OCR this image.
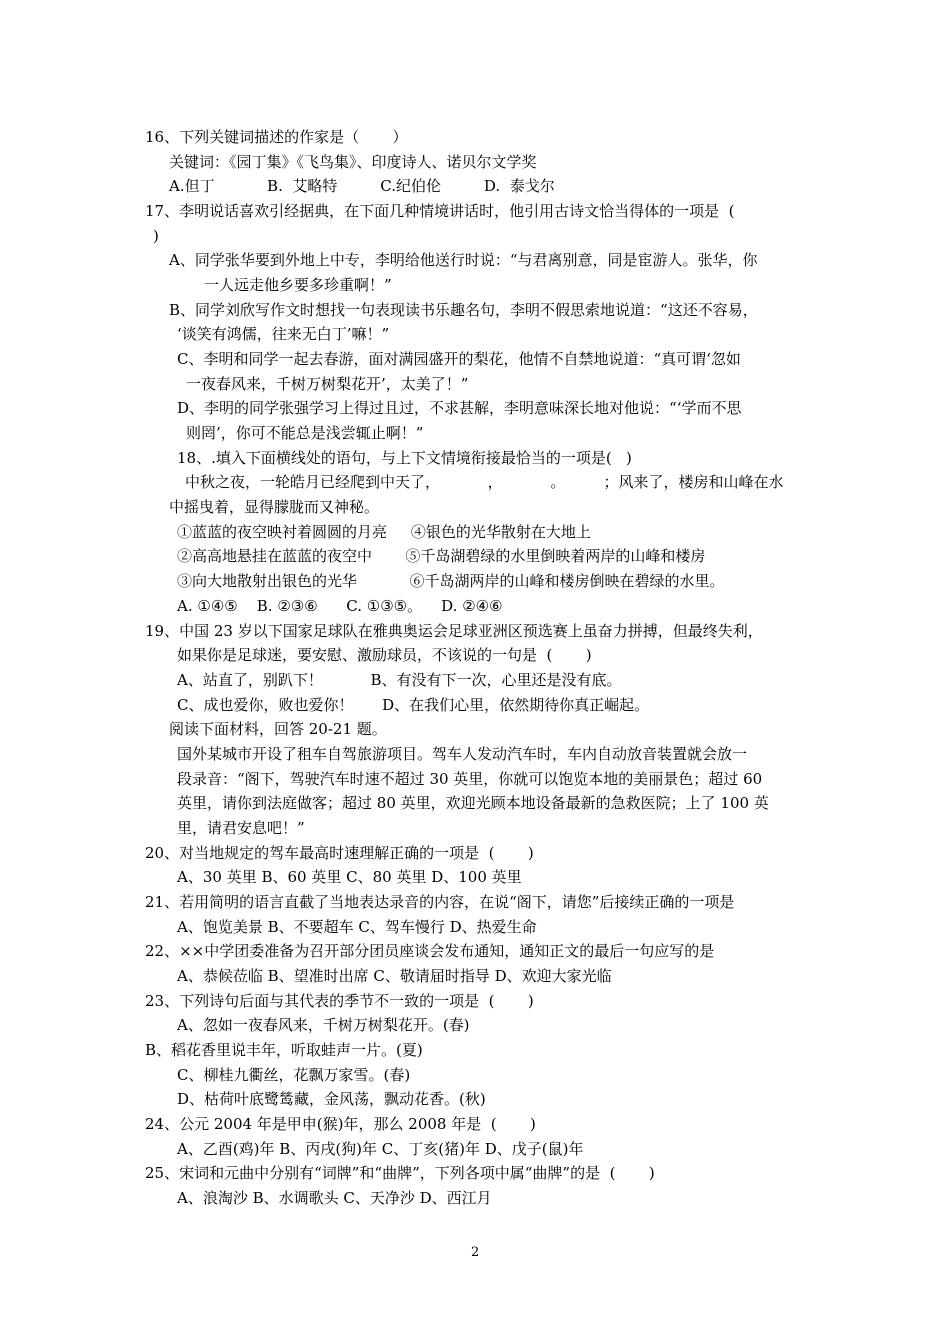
16、下列关键词描述的作家是（       ）
关键词：《园丁集》《飞鸟集》、印度诗人、诺贝尔文学奖
A.但丁           B.  艾略特         C.纪伯伦         D.  泰戈尔
17、李明说话喜欢引经据典，在下面几种情境讲话时，他引用古诗文恰当得体的一项是  (
)
A、同学张华要到外地上中专，李明给他送行时说：“与君离别意，同是宦游人。张华，你
一人远走他乡要多珍重啊！”
B、同学刘欣写作文时想找一句表现读书乐趣名句，李明不假思索地说道：“这还不容易，
‘谈笑有鸿儒，往来无白丁’嘛！”
C、李明和同学一起去春游，面对满园盛开的梨花，他情不自禁地说道：“真可谓‘忽如
一夜春风来，千树万树梨花开’，太美了！”
D、李明的同学张强学习上得过且过，不求甚解，李明意味深长地对他说：“‘学而不思
则罔’，你可不能总是浅尝辄止啊！”
18、.填入下面横线处的语句，与上下文情境衔接最恰当的一项是(   )
中秋之夜，一轮皓月已经爬到中天了，          ，          。        ；风来了，楼房和山峰在水
中摇曳着，显得朦胧而又神秘。
①蓝蓝的夜空映衬着圆圆的月亮     ④银色的光华散射在大地上
②高高地悬挂在蓝蓝的夜空中       ⑤千岛湖碧绿的水里倒映着两岸的山峰和楼房
③向大地散射出银色的光华           ⑥千岛湖两岸的山峰和楼房倒映在碧绿的水里。
A. ①④⑤    B. ②③⑥      C. ①③⑤。    D. ②④⑥
19、中国 23 岁以下国家足球队在雅典奥运会足球亚洲区预选赛上虽奋力拼搏，但最终失利，
如果你是足球迷，要安慰、激励球员，不该说的一句是  (       )
A、站直了，别趴下！          B、有没有下一次，心里还是没有底。
C、成也爱你，败也爱你！      D、在我们心里，依然期待你真正崛起。
阅读下面材料，回答 20-21 题。
国外某城市开设了租车自驾旅游项目。驾车人发动汽车时，车内自动放音装置就会放一
段录音：“阁下，驾驶汽车时速不超过 30 英里，你就可以饱览本地的美丽景色；超过 60
英里，请你到法庭做客；超过 80 英里，欢迎光顾本地设备最新的急救医院；上了 100 英
里，请君安息吧！”
20、对当地规定的驾车最高时速理解正确的一项是  (       )
A、30 英里 B、60 英里 C、80 英里 D、100 英里
21、若用简明的语言直截了当地表达录音的内容，在说“阁下，请您”后接续正确的一项是
A、饱览美景 B、不要超车 C、驾车慢行 D、热爱生命
22、××中学团委准备为召开部分团员座谈会发布通知，通知正文的最后一句应写的是
A、恭候莅临 B、望准时出席 C、敬请届时指导 D、欢迎大家光临
23、下列诗句后面与其代表的季节不一致的一项是  (       )
A、忽如一夜春风来，千树万树梨花开。(春)
B、稻花香里说丰年，听取蛙声一片。(夏)
C、柳桂九衢丝，花飘万家雪。(春)
D、枯荷叶底鹭鸶藏，金风荡，飘动花香。(秋)
24、公元 2004 年是甲申(猴)年，那么 2008 年是  (       )
A、乙酉(鸡)年 B、丙戌(狗)年 C、丁亥(猪)年 D、戊子(鼠)年
25、宋词和元曲中分别有“词牌”和“曲牌”，下列各项中属“曲牌”的是  (       )
A、浪淘沙 B、水调歌头 C、天净沙 D、西江月
2
